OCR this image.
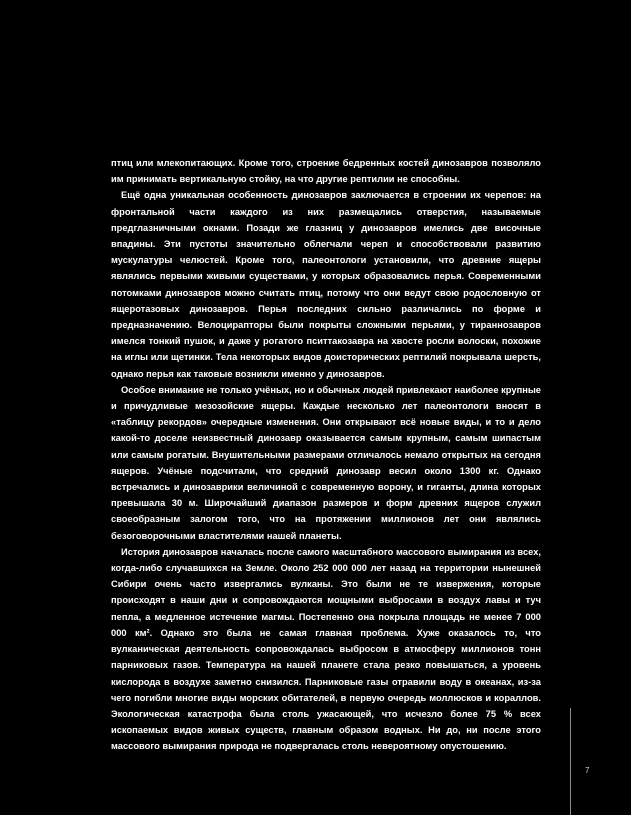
птиц или млекопитающих. Кроме того, строение бедренных костей динозавров позволяло им принимать вертикальную стойку, на что другие рептилии не способны.

Ещё одна уникальная особенность динозавров заключается в строении их черепов: на фронтальной части каждого из них размещались отверстия, называемые предглазничными окнами. Позади же глазниц у динозавров имелись две височные впадины. Эти пустоты значительно облегчали череп и способствовали развитию мускулатуры челюстей. Кроме того, палеонтологи установили, что древние ящеры являлись первыми живыми существами, у которых образовались перья. Современными потомками динозавров можно считать птиц, потому что они ведут свою родословную от ящеротазовых динозавров. Перья последних сильно различались по форме и предназначению. Велоцирапторы были покрыты сложными перьями, у тираннозавров имелся тонкий пушок, и даже у рогатого пситтакозавра на хвосте росли волоски, похожие на иглы или щетинки. Тела некоторых видов доисторических рептилий покрывала шерсть, однако перья как таковые возникли именно у динозавров.

Особое внимание не только учёных, но и обычных людей привлекают наиболее крупные и причудливые мезозойские ящеры. Каждые несколько лет палеонтологи вносят в «таблицу рекордов» очередные изменения. Они открывают всё новые виды, и то и дело какой-то доселе неизвестный динозавр оказывается самым крупным, самым шипастым или самым рогатым. Внушительными размерами отличалось немало открытых на сегодня ящеров. Учёные подсчитали, что средний динозавр весил около 1300 кг. Однако встречались и динозаврики величиной с современную ворону, и гиганты, длина которых превышала 30 м. Широчайший диапазон размеров и форм древних ящеров служил своеобразным залогом того, что на протяжении миллионов лет они являлись безоговорочными властителями нашей планеты.

История динозавров началась после самого масштабного массового вымирания из всех, когда-либо случавшихся на Земле. Около 252 000 000 лет назад на территории нынешней Сибири очень часто извергались вулканы. Это были не те извержения, которые происходят в наши дни и сопровождаются мощными выбросами в воздух лавы и туч пепла, а медленное истечение магмы. Постепенно она покрыла площадь не менее 7 000 000 км². Однако это была не самая главная проблема. Хуже оказалось то, что вулканическая деятельность сопровождалась выбросом в атмосферу миллионов тонн парниковых газов. Температура на нашей планете стала резко повышаться, а уровень кислорода в воздухе заметно снизился. Парниковые газы отравили воду в океанах, из-за чего погибли многие виды морских обитателей, в первую очередь моллюсков и кораллов. Экологическая катастрофа была столь ужасающей, что исчезло более 75 % всех ископаемых видов живых существ, главным образом водных. Ни до, ни после этого массового вымирания природа не подвергалась столь невероятному опустошению.

7
